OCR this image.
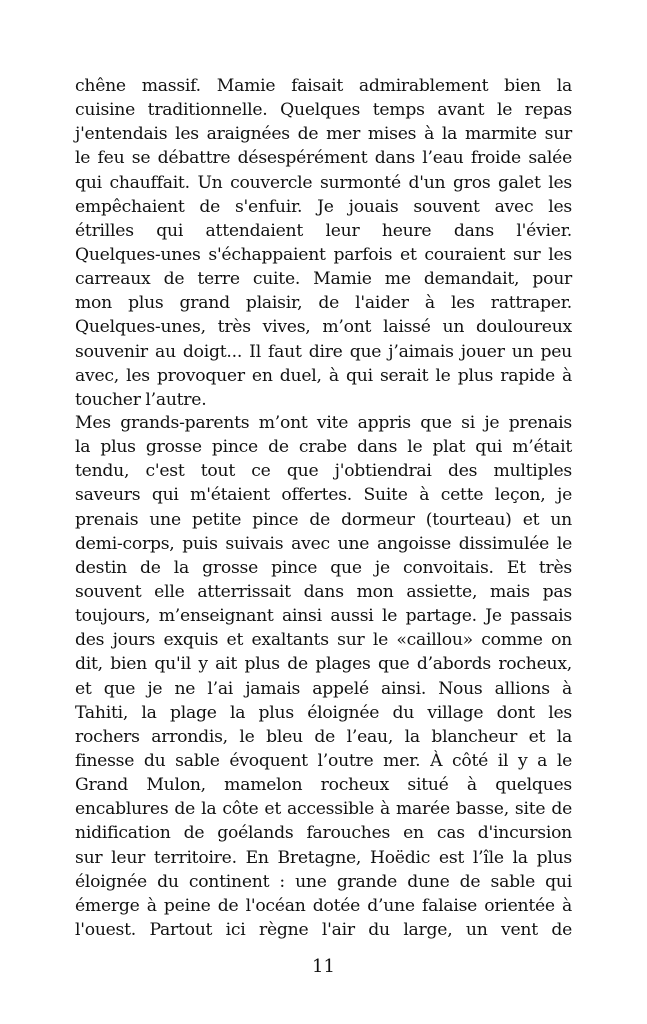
chêne massif. Mamie faisait admirablement bien la
cuisine traditionnelle. Quelques temps avant le repas
j'entendais les araignées de mer mises à la marmite sur
le feu se débattre désespérément dans l’eau froide salée
qui chauffait. Un couvercle surmonté d'un gros galet les
empêchaient de s'enfuir. Je jouais souvent avec les
étrilles qui attendaient leur heure dans l'évier.
Quelques-unes s'échappaient parfois et couraient sur les
carreaux de terre cuite. Mamie me demandait, pour
mon plus grand plaisir, de l'aider à les rattraper.
Quelques-unes, très vives, m’ont laissé un douloureux
souvenir au doigt... Il faut dire que j’aimais jouer un peu
avec, les provoquer en duel, à qui serait le plus rapide à
toucher l’autre.
Mes grands-parents m’ont vite appris que si je prenais
la plus grosse pince de crabe dans le plat qui m’était
tendu, c'est tout ce que j'obtiendrai des multiples
saveurs qui m'étaient offertes. Suite à cette leçon, je
prenais une petite pince de dormeur (tourteau) et un
demi-corps, puis suivais avec une angoisse dissimulée le
destin de la grosse pince que je convoitais. Et très
souvent elle atterrissait dans mon assiette, mais pas
toujours, m’enseignant ainsi aussi le partage. Je passais
des jours exquis et exaltants sur le «caillou» comme on
dit, bien qu'il y ait plus de plages que d’abords rocheux,
et que je ne l’ai jamais appelé ainsi. Nous allions à
Tahiti, la plage la plus éloignée du village dont les
rochers arrondis, le bleu de l’eau, la blancheur et la
finesse du sable évoquent l’outre mer. À côté il y a le
Grand Mulon, mamelon rocheux situé à quelques
encablures de la côte et accessible à marée basse, site de
nidification de goélands farouches en cas d'incursion
sur leur territoire. En Bretagne, Hoëdic est l’île la plus
éloignée du continent : une grande dune de sable qui
émerge à peine de l'océan dotée d’une falaise orientée à
l'ouest. Partout ici règne l'air du large, un vent de
11
